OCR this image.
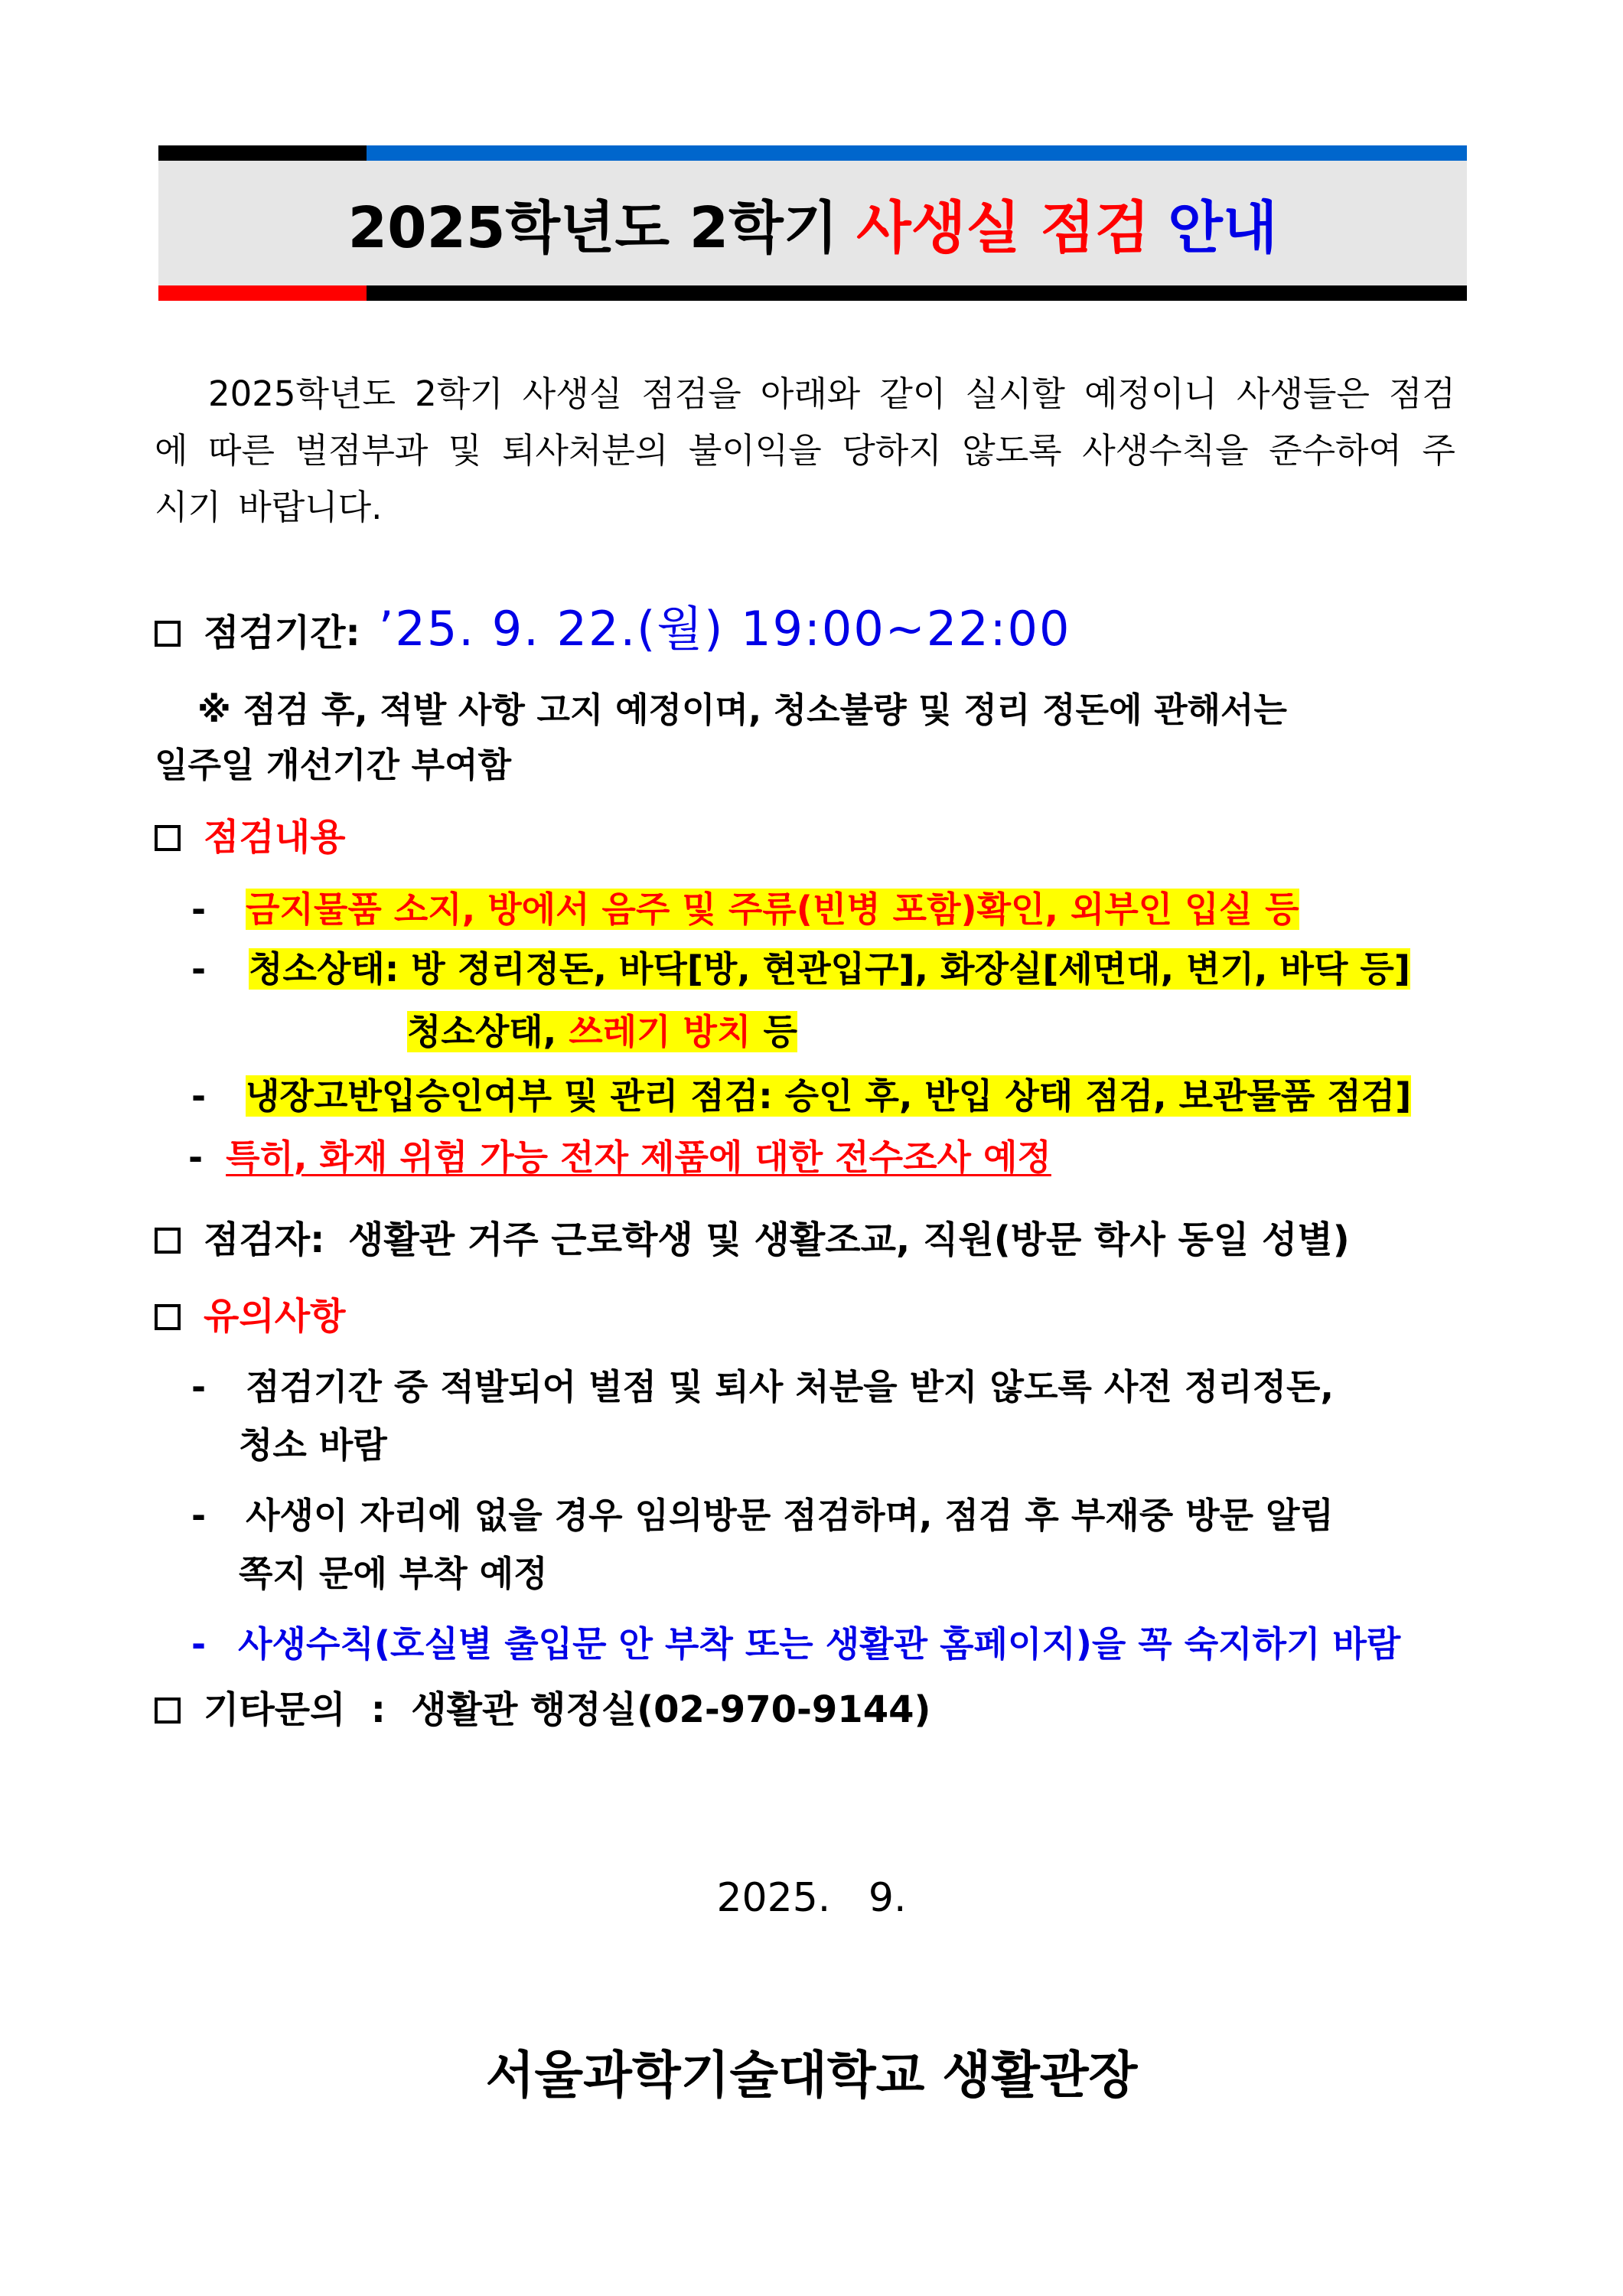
2025학년도 2학기 사생실 점검 안내
2025학년도 2학기 사생실 점검을 아래와 같이 실시할 예정이니 사생들은 점검에 따른 벌점부과 및 퇴사처분의 불이익을 당하지 않도록 사생수칙을 준수하여 주시기 바랍니다.
점검기간: ’25. 9. 22.(월) 19:00~22:00
※ 점검 후, 적발 사항 고지 예정이며, 청소불량 및 정리 정돈에 관해서는
일주일 개선기간 부여함
점검내용
- 금지물품 소지, 방에서 음주 및 주류(빈병 포함)확인, 외부인 입실 등
- 청소상태: 방 정리정돈, 바닥[방, 현관입구], 화장실[세면대, 변기, 바닥 등]
청소상태, 쓰레기 방치 등
- 냉장고반입승인여부 및 관리 점검: 승인 후, 반입 상태 점검, 보관물품 점검]
- 특히, 화재 위험 가능 전자 제품에 대한 전수조사 예정
점검자: 생활관 거주 근로학생 및 생활조교, 직원(방문 학사 동일 성별)
유의사항
- 점검기간 중 적발되어 벌점 및 퇴사 처분을 받지 않도록 사전 정리정돈,
청소 바람
- 사생이 자리에 없을 경우 임의방문 점검하며, 점검 후 부재중 방문 알림
쪽지 문에 부착 예정
- 사생수칙(호실별 출입문 안 부착 또는 생활관 홈페이지)을 꼭 숙지하기 바람
기타문의 : 생활관 행정실(02-970-9144)
2025.   9.
서울과학기술대학교 생활관장
